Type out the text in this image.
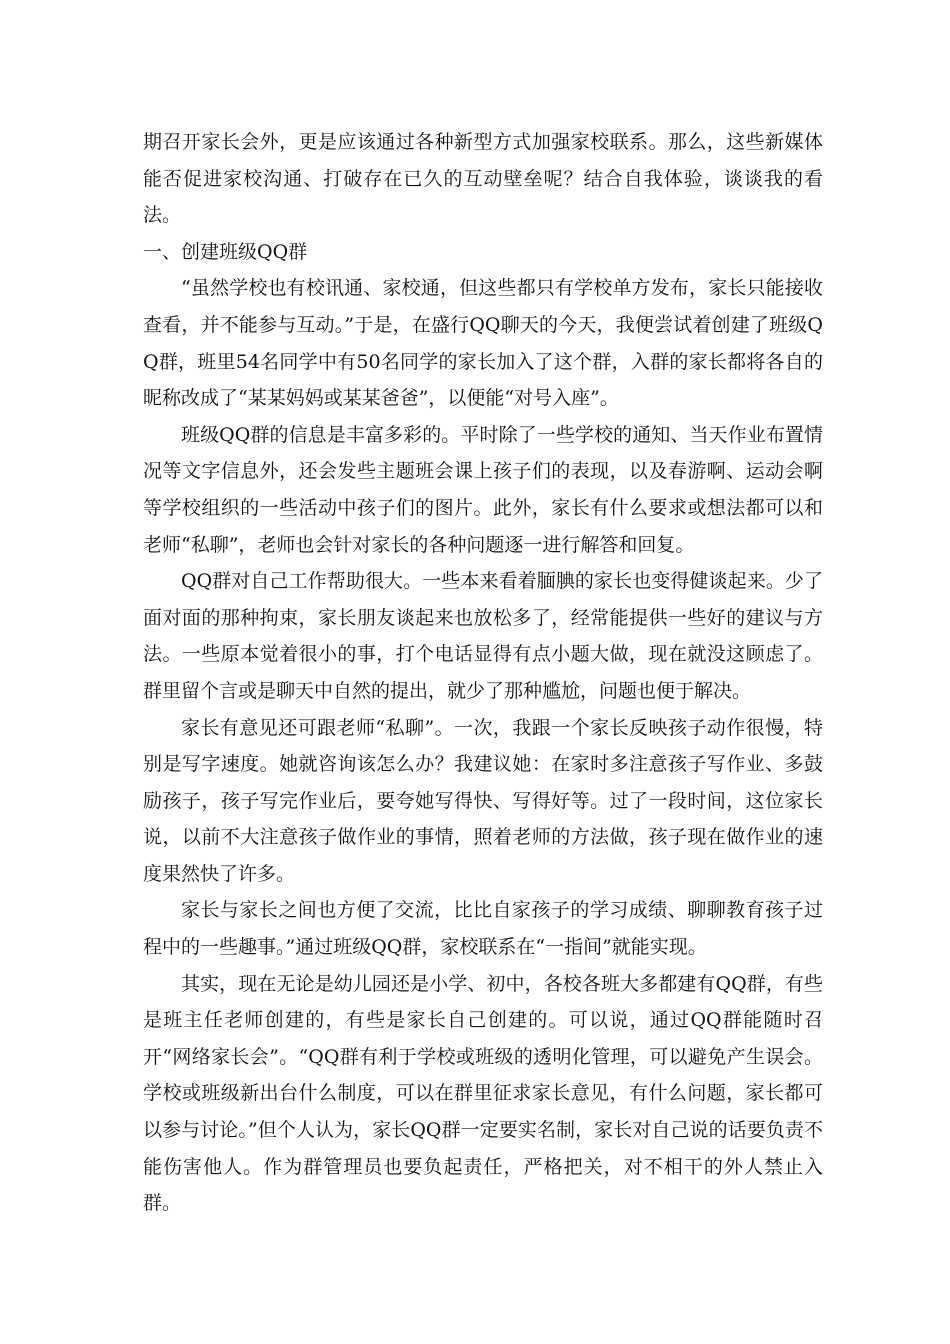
期召开家长会外，更是应该通过各种新型方式加强家校联系。那么，这些新媒体能否促进家校沟通、打破存在已久的互动壁垒呢？结合自我体验，谈谈我的看法。

一、创建班级QQ群

“虽然学校也有校讯通、家校通，但这些都只有学校单方发布，家长只能接收查看，并不能参与互动。”于是，在盛行QQ聊天的今天，我便尝试着创建了班级QQ群，班里54名同学中有50名同学的家长加入了这个群，入群的家长都将各自的昵称改成了“某某妈妈或某某爸爸”，以便能“对号入座”。

班级QQ群的信息是丰富多彩的。平时除了一些学校的通知、当天作业布置情况等文字信息外，还会发些主题班会课上孩子们的表现，以及春游啊、运动会啊等学校组织的一些活动中孩子们的图片。此外，家长有什么要求或想法都可以和老师“私聊”，老师也会针对家长的各种问题逐一进行解答和回复。

QQ群对自己工作帮助很大。一些本来看着腼腆的家长也变得健谈起来。少了面对面的那种拘束，家长朋友谈起来也放松多了，经常能提供一些好的建议与方法。一些原本觉着很小的事，打个电话显得有点小题大做，现在就没这顾虑了。群里留个言或是聊天中自然的提出，就少了那种尴尬，问题也便于解决。

家长有意见还可跟老师“私聊”。一次，我跟一个家长反映孩子动作很慢，特别是写字速度。她就咨询该怎么办？我建议她：在家时多注意孩子写作业、多鼓励孩子，孩子写完作业后，要夸她写得快、写得好等。过了一段时间，这位家长说，以前不大注意孩子做作业的事情，照着老师的方法做，孩子现在做作业的速度果然快了许多。

家长与家长之间也方便了交流，比比自家孩子的学习成绩、聊聊教育孩子过程中的一些趣事。”通过班级QQ群，家校联系在“一指间”就能实现。

其实，现在无论是幼儿园还是小学、初中，各校各班大多都建有QQ群，有些是班主任老师创建的，有些是家长自己创建的。可以说，通过QQ群能随时召开“网络家长会”。“QQ群有利于学校或班级的透明化管理，可以避免产生误会。学校或班级新出台什么制度，可以在群里征求家长意见，有什么问题，家长都可以参与讨论。”但个人认为，家长QQ群一定要实名制，家长对自己说的话要负责不能伤害他人。作为群管理员也要负起责任，严格把关，对不相干的外人禁止入群。
